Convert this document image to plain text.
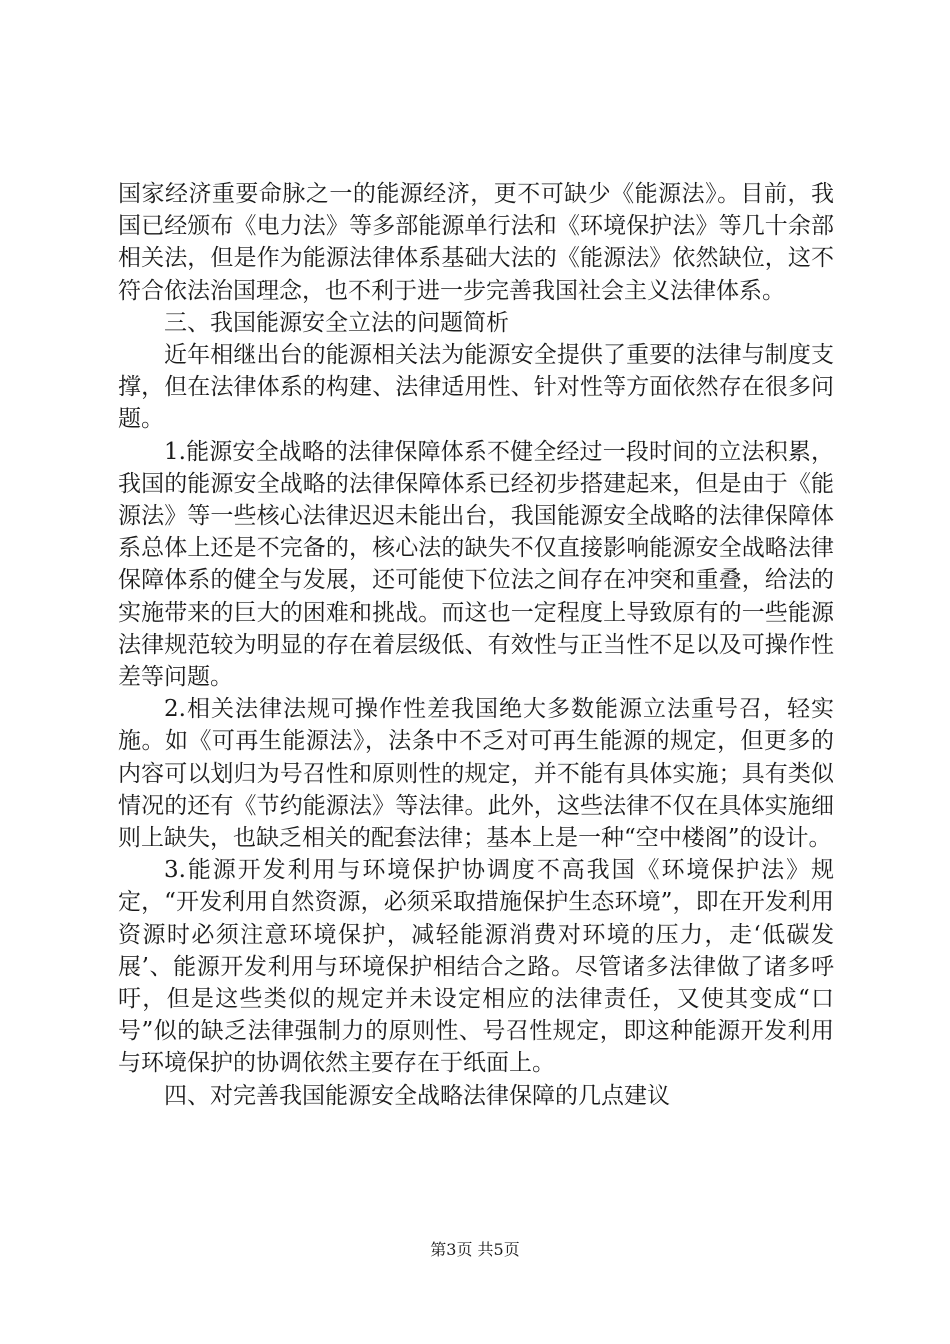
国家经济重要命脉之一的能源经济，更不可缺少《能源法》。目前，我国已经颁布《电力法》等多部能源单行法和《环境保护法》等几十余部相关法，但是作为能源法律体系基础大法的《能源法》依然缺位，这不符合依法治国理念，也不利于进一步完善我国社会主义法律体系。

三、我国能源安全立法的问题简析

近年相继出台的能源相关法为能源安全提供了重要的法律与制度支撑，但在法律体系的构建、法律适用性、针对性等方面依然存在很多问题。

1.能源安全战略的法律保障体系不健全经过一段时间的立法积累，我国的能源安全战略的法律保障体系已经初步搭建起来，但是由于《能源法》等一些核心法律迟迟未能出台，我国能源安全战略的法律保障体系总体上还是不完备的，核心法的缺失不仅直接影响能源安全战略法律保障体系的健全与发展，还可能使下位法之间存在冲突和重叠，给法的实施带来的巨大的困难和挑战。而这也一定程度上导致原有的一些能源法律规范较为明显的存在着层级低、有效性与正当性不足以及可操作性差等问题。

2.相关法律法规可操作性差我国绝大多数能源立法重号召，轻实施。如《可再生能源法》，法条中不乏对可再生能源的规定，但更多的内容可以划归为号召性和原则性的规定，并不能有具体实施；具有类似情况的还有《节约能源法》等法律。此外，这些法律不仅在具体实施细则上缺失，也缺乏相关的配套法律；基本上是一种“空中楼阁”的设计。

3.能源开发利用与环境保护协调度不高我国《环境保护法》规定，“开发利用自然资源，必须采取措施保护生态环境”，即在开发利用资源时必须注意环境保护，减轻能源消费对环境的压力，走‘低碳发展’、能源开发利用与环境保护相结合之路。尽管诸多法律做了诸多呼吁，但是这些类似的规定并未设定相应的法律责任，又使其变成“口号”似的缺乏法律强制力的原则性、号召性规定，即这种能源开发利用与环境保护的协调依然主要存在于纸面上。

四、对完善我国能源安全战略法律保障的几点建议

第3页 共5页
